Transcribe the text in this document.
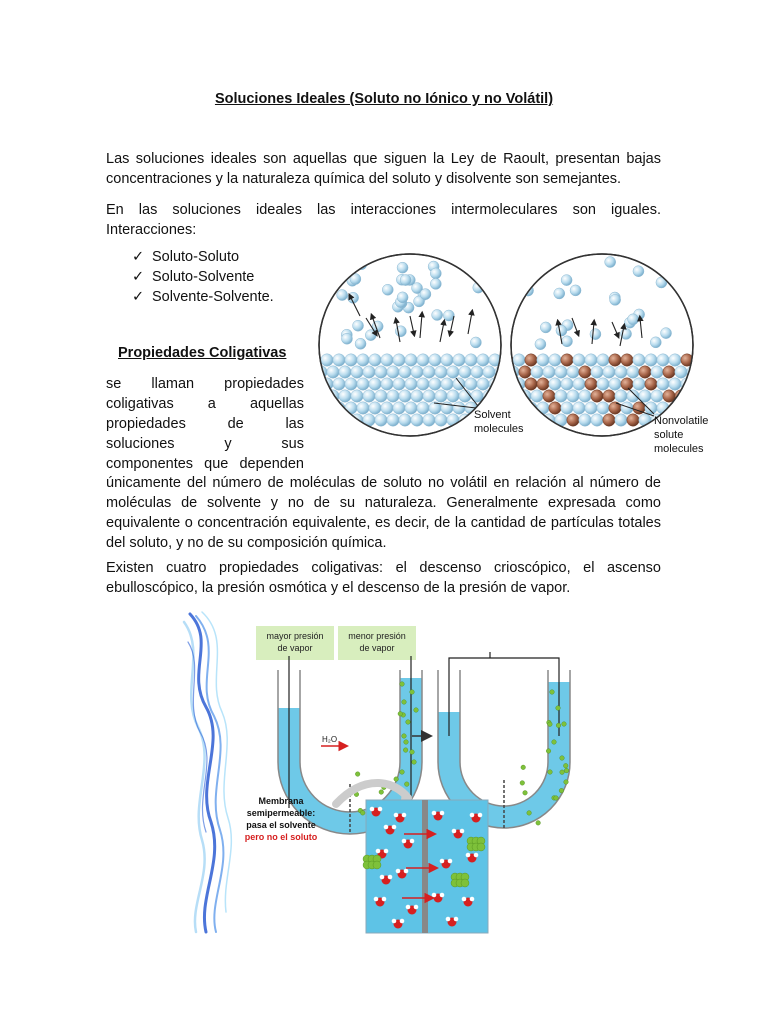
Soluciones Ideales (Soluto no Iónico y no Volátil)
Las soluciones ideales son aquellas que siguen la Ley de Raoult, presentan bajas concentraciones y la naturaleza química del soluto y disolvente son semejantes.
En las soluciones ideales las interacciones intermoleculares son iguales. Interacciones:
✓ Soluto-Soluto
✓ Soluto-Solvente
✓ Solvente-Solvente.
Propiedades Coligativas
se llaman propiedades
coligativas a aquellas
propiedades de las
soluciones y sus
componentes que dependen
únicamente del número de moléculas de soluto no volátil en relación al número de moléculas de solvente y no de su naturaleza. Generalmente expresada como equivalente o concentración equivalente, es decir, de la cantidad de partículas totales del soluto, y no de su composición química.
Existen cuatro propiedades coligativas: el descenso crioscópico, el ascenso ebulloscópico, la presión osmótica y el descenso de la presión de vapor.
Solvent
molecules
Nonvolatile
solute
molecules
mayor presión
de vapor
menor presión
de vapor
H₂O
Membrana
semipermeable:
pasa el solvente
pero no el soluto
